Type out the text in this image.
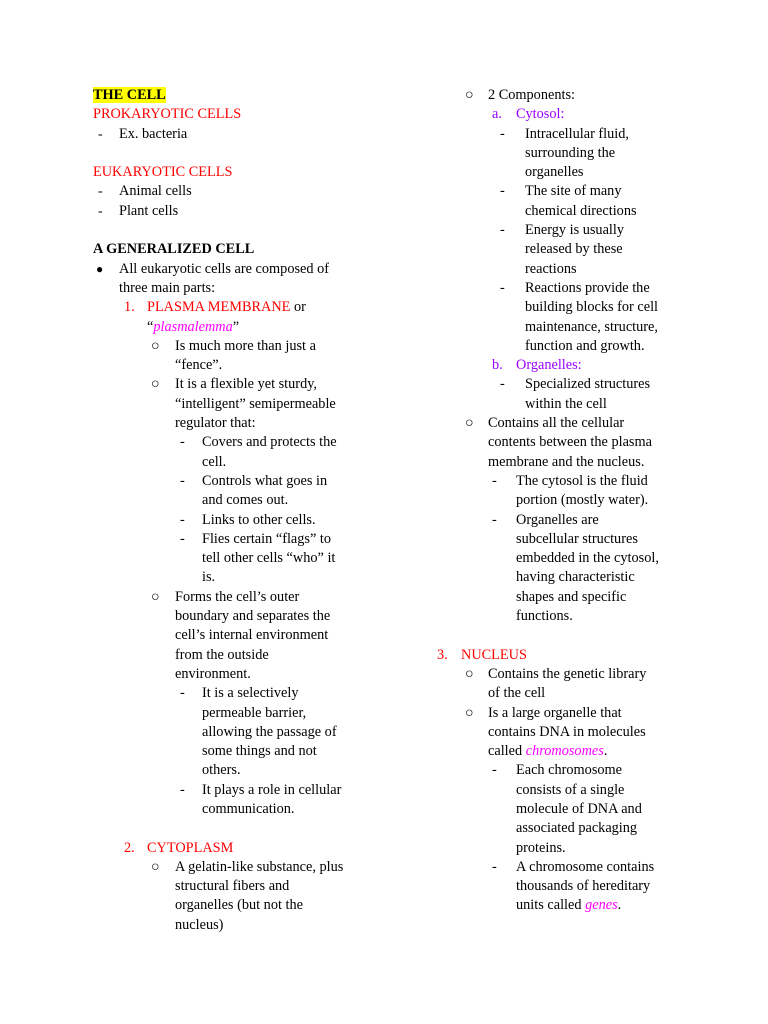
THE CELL
PROKARYOTIC CELLS
- Ex. bacteria
EUKARYOTIC CELLS
- Animal cells
- Plant cells
A GENERALIZED CELL
● All eukaryotic cells are composed of
three main parts:
1. PLASMA MEMBRANE or
“plasmalemma”
○ Is much more than just a
“fence”.
○ It is a flexible yet sturdy,
“intelligent” semipermeable
regulator that:
- Covers and protects the
cell.
- Controls what goes in
and comes out.
- Links to other cells.
- Flies certain “flags” to
tell other cells “who” it
is.
○ Forms the cell’s outer
boundary and separates the
cell’s internal environment
from the outside
environment.
- It is a selectively
permeable barrier,
allowing the passage of
some things and not
others.
- It plays a role in cellular
communication.
2. CYTOPLASM
○ A gelatin-like substance, plus
structural fibers and
organelles (but not the
nucleus)
○ 2 Components:
a. Cytosol:
- Intracellular fluid,
surrounding the
organelles
- The site of many
chemical directions
- Energy is usually
released by these
reactions
- Reactions provide the
building blocks for cell
maintenance, structure,
function and growth.
b. Organelles:
- Specialized structures
within the cell
○ Contains all the cellular
contents between the plasma
membrane and the nucleus.
- The cytosol is the fluid
portion (mostly water).
- Organelles are
subcellular structures
embedded in the cytosol,
having characteristic
shapes and specific
functions.
3. NUCLEUS
○ Contains the genetic library
of the cell
○ Is a large organelle that
contains DNA in molecules
called chromosomes.
- Each chromosome
consists of a single
molecule of DNA and
associated packaging
proteins.
- A chromosome contains
thousands of hereditary
units called genes.
